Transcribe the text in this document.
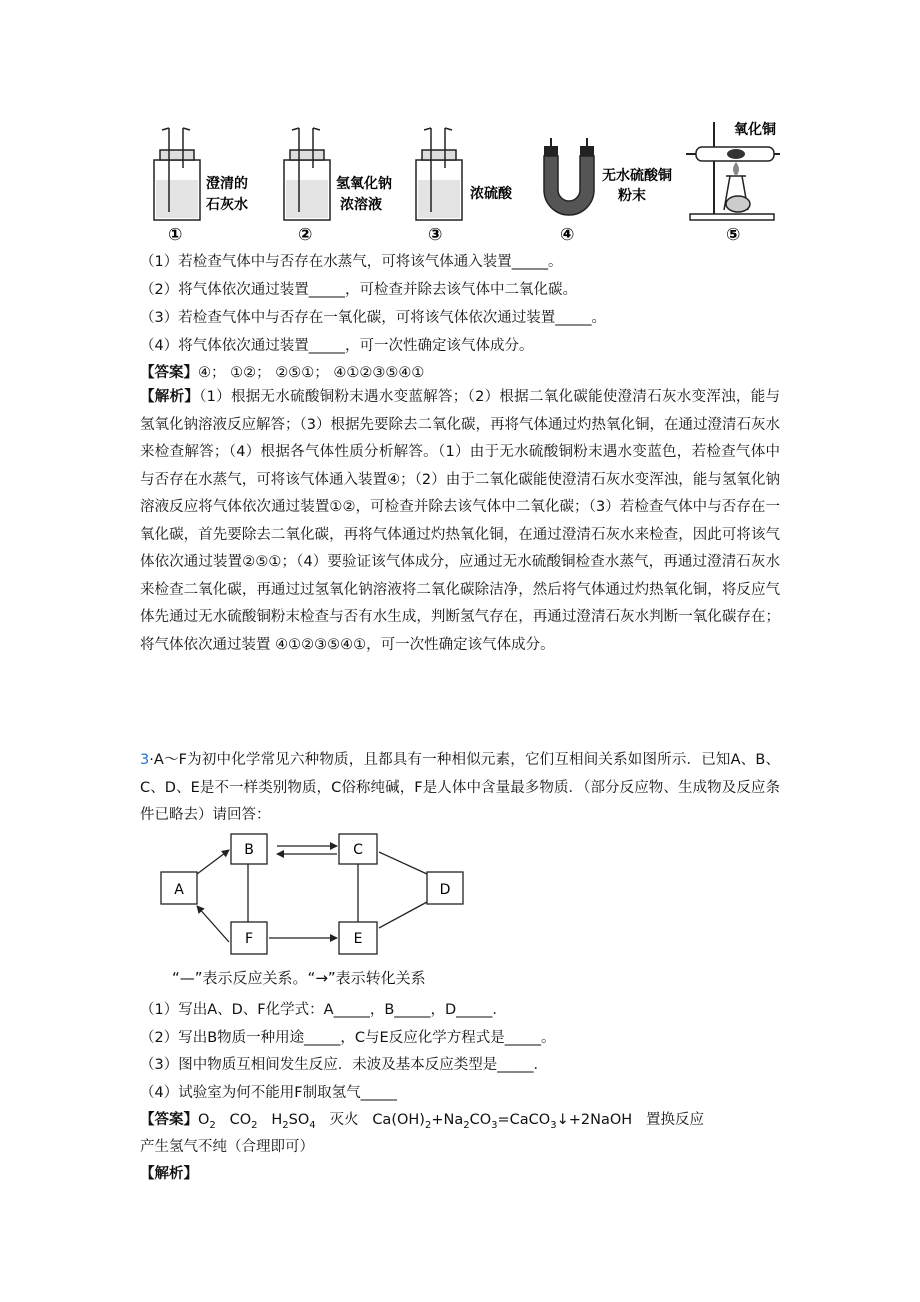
澄清的
石灰水
①
氢氧化钠
浓溶液
②
浓硫酸
③
无水硫酸铜
粉末
④
氧化铜
⑤
（1）若检查气体中与否存在水蒸气，可将该气体通入装置_____。
（2）将气体依次通过装置_____，可检查并除去该气体中二氧化碳。
（3）若检查气体中与否存在一氧化碳，可将该气体依次通过装置_____。
（4）将气体依次通过装置_____，可一次性确定该气体成分。
【答案】④； ①②； ②⑤①； ④①②③⑤④①
【解析】（1）根据无水硫酸铜粉末遇水变蓝解答；（2）根据二氧化碳能使澄清石灰水变浑浊，能与氢氧化钠溶液反应解答；（3）根据先要除去二氧化碳，再将气体通过灼热氧化铜，在通过澄清石灰水来检查解答；（4）根据各气体性质分析解答。（1）由于无水硫酸铜粉末遇水变蓝色，若检查气体中与否存在水蒸气，可将该气体通入装置④；（2）由于二氧化碳能使澄清石灰水变浑浊，能与氢氧化钠溶液反应将气体依次通过装置①②，可检查并除去该气体中二氧化碳；（3）若检查气体中与否存在一氧化碳，首先要除去二氧化碳，再将气体通过灼热氧化铜，在通过澄清石灰水来检查，因此可将该气体依次通过装置②⑤①；（4）要验证该气体成分，应通过无水硫酸铜检查水蒸气，再通过澄清石灰水来检查二氧化碳，再通过过氢氧化钠溶液将二氧化碳除洁净，然后将气体通过灼热氧化铜，将反应气体先通过无水硫酸铜粉末检查与否有水生成，判断氢气存在，再通过澄清石灰水判断一氧化碳存在；将气体依次通过装置 ④①②③⑤④①，可一次性确定该气体成分。
3·A～F为初中化学常见六种物质，且都具有一种相似元素，它们互相间关系如图所示．已知A、B、C、D、E是不一样类别物质，C俗称纯碱，F是人体中含量最多物质．（部分反应物、生成物及反应条件已略去）请回答：
A
B	C
D
E
F
“—”表示反应关系。“→”表示转化关系
（1）写出A、D、F化学式：A_____，B_____，D_____．
（2）写出B物质一种用途_____，C与E反应化学方程式是_____。
（3）图中物质互相间发生反应．未波及基本反应类型是_____．
（4）试验室为何不能用F制取氢气_____
【答案】$O_2$ $CO_2$ $H_2SO_4$ 灭火 $Ca(OH)_2+Na_2CO_3=CaCO_3↓+2NaOH$ 置换反应
产生氢气不纯（合理即可）
【解析】
